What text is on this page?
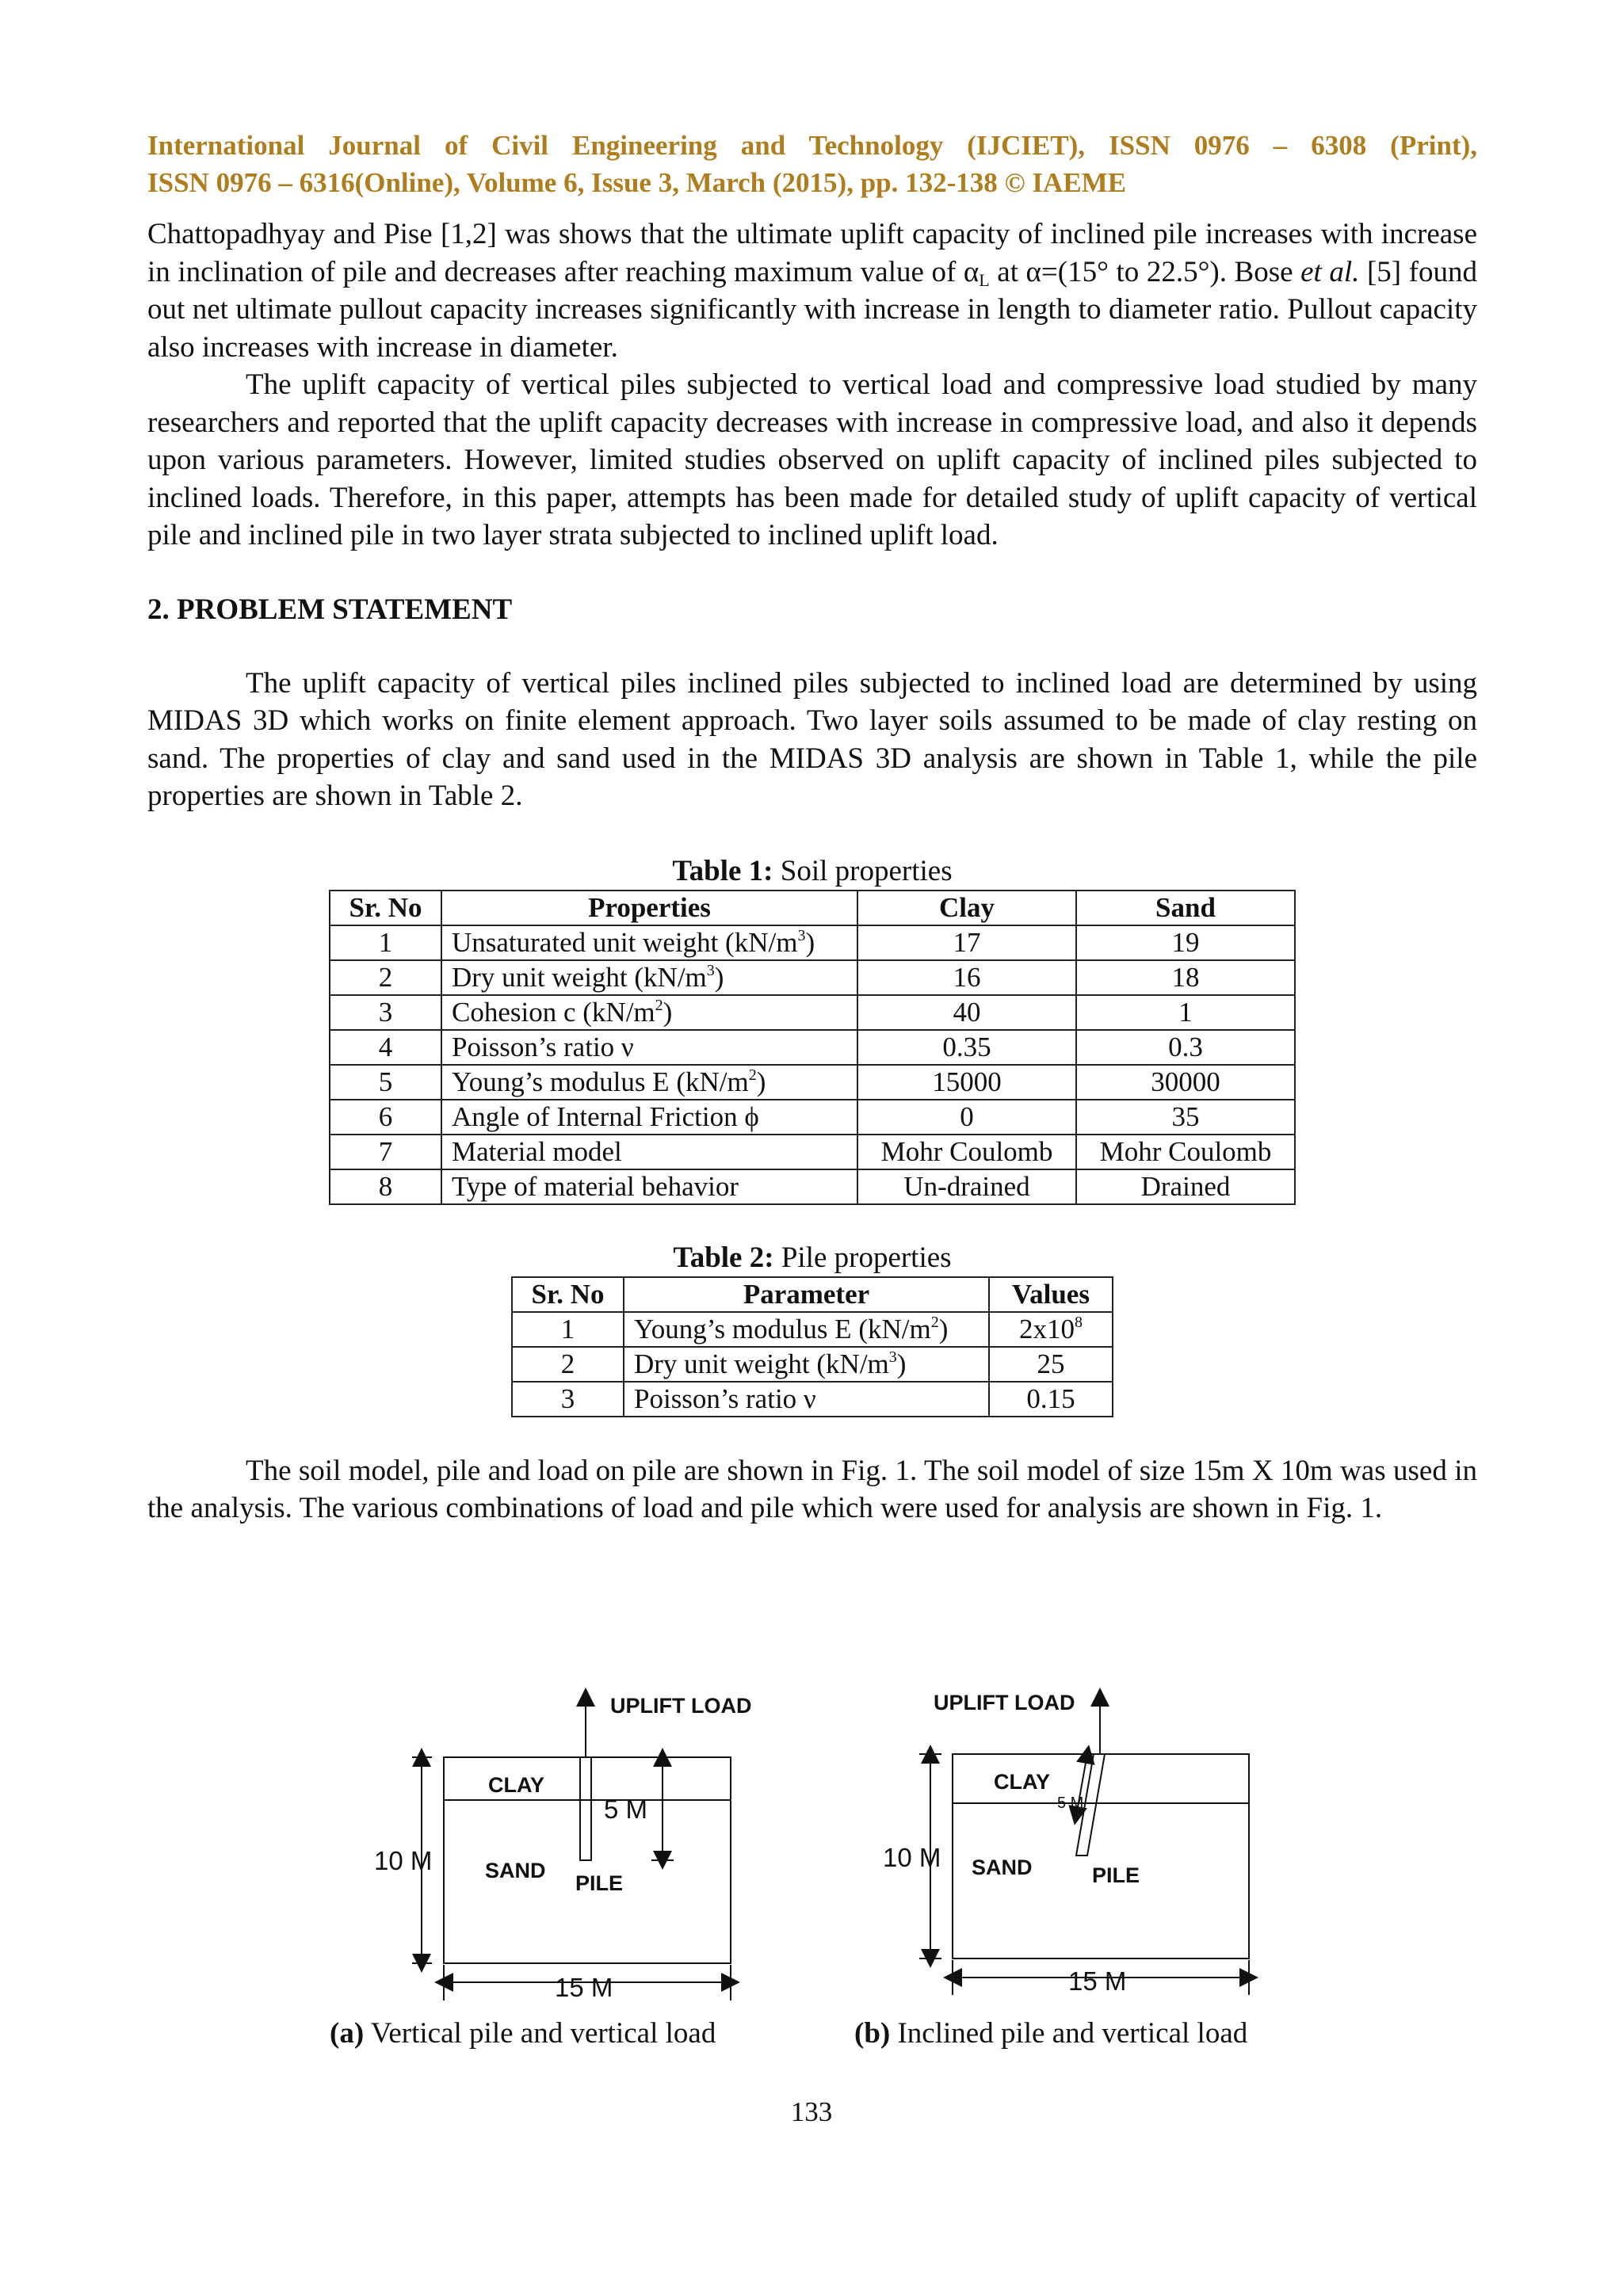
International Journal of Civil Engineering and Technology (IJCIET), ISSN 0976 – 6308 (Print),
ISSN 0976 – 6316(Online), Volume 6, Issue 3, March (2015), pp. 132-138 © IAEME

Chattopadhyay and Pise [1,2] was shows that the ultimate uplift capacity of inclined pile increases with increase in inclination of pile and decreases after reaching maximum value of $\alpha_L$ at α=(15° to 22.5°). Bose et al. [5] found out net ultimate pullout capacity increases significantly with increase in length to diameter ratio. Pullout capacity also increases with increase in diameter.

The uplift capacity of vertical piles subjected to vertical load and compressive load studied by many researchers and reported that the uplift capacity decreases with increase in compressive load, and also it depends upon various parameters. However, limited studies observed on uplift capacity of inclined piles subjected to inclined loads. Therefore, in this paper, attempts has been made for detailed study of uplift capacity of vertical pile and inclined pile in two layer strata subjected to inclined uplift load.

2. PROBLEM STATEMENT

The uplift capacity of vertical piles inclined piles subjected to inclined load are determined by using MIDAS 3D which works on finite element approach. Two layer soils assumed to be made of clay resting on sand. The properties of clay and sand used in the MIDAS 3D analysis are shown in Table 1, while the pile properties are shown in Table 2.

Table 1: Soil properties

Sr. No	Properties	Clay	Sand
1	Unsaturated unit weight $(kN/m^3)$	17	19
2	Dry unit weight $(kN/m^3)$	16	18
3	Cohesion c $(kN/m^2)$	40	1
4	Poisson’s ratio ν	0.35	0.3
5	Young’s modulus E $(kN/m^2)$	15000	30000
6	Angle of Internal Friction ϕ	0	35
7	Material model	Mohr Coulomb	Mohr Coulomb
8	Type of material behavior	Un-drained	Drained

Table 2: Pile properties

Sr. No	Parameter	Values
1	Young’s modulus E $(kN/m^2)$	$2x10^8$
2	Dry unit weight $(kN/m^3)$	25
3	Poisson’s ratio ν	0.15

The soil model, pile and load on pile are shown in Fig. 1. The soil model of size 15m X 10m was used in the analysis. The various combinations of load and pile which were used for analysis are shown in Fig. 1.

UPLIFT LOAD
CLAY
SAND
PILE
5 M
10 M
15 M
UPLIFT LOAD
CLAY
SAND	PILE
5 M
10 M
15 M
(a) Vertical pile and vertical load	(b) Inclined pile and vertical load
133
